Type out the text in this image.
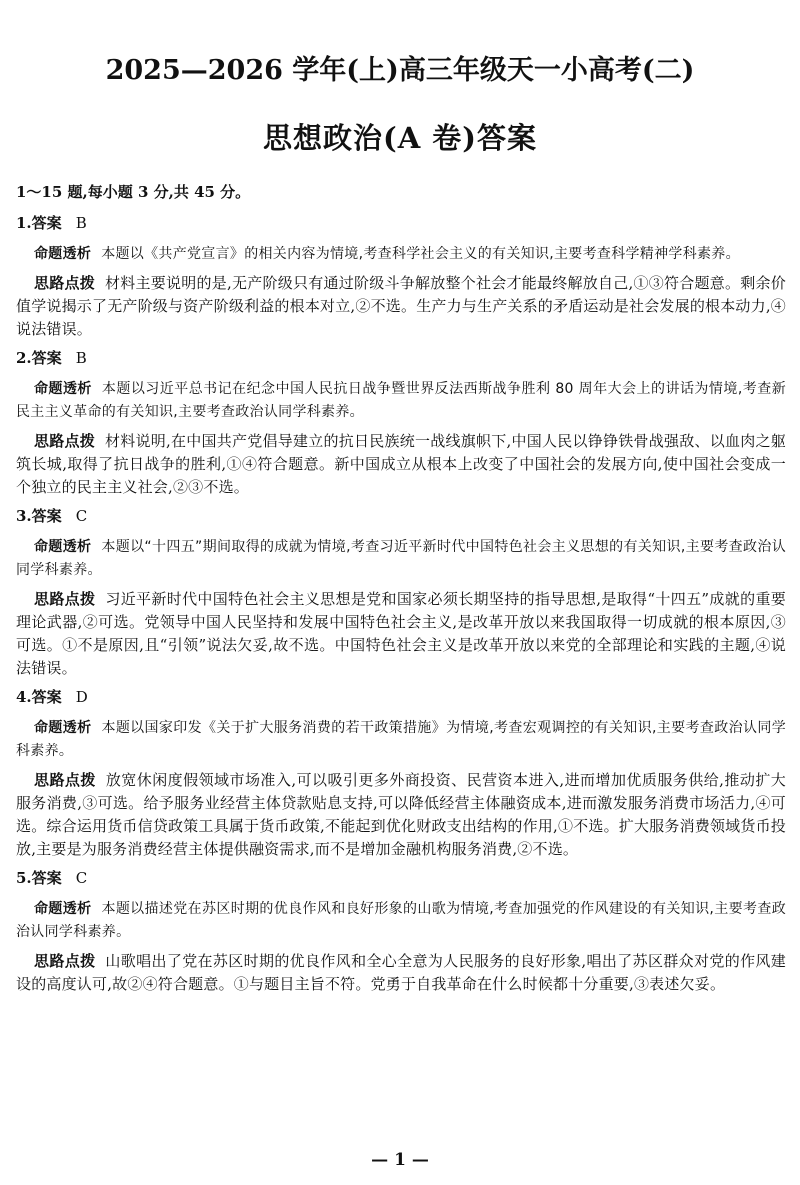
2025—2026 学年(上)高三年级天一小高考(二)
思想政治(A 卷)答案

1～15 题,每小题 3 分,共 45 分。

1.答案 B

命题透析 本题以《共产党宣言》的相关内容为情境,考查科学社会主义的有关知识,主要考查科学精神学科素养。

思路点拨 材料主要说明的是,无产阶级只有通过阶级斗争解放整个社会才能最终解放自己,①③符合题意。剩余价值学说揭示了无产阶级与资产阶级利益的根本对立,②不选。生产力与生产关系的矛盾运动是社会发展的根本动力,④说法错误。

2.答案 B

命题透析 本题以习近平总书记在纪念中国人民抗日战争暨世界反法西斯战争胜利 80 周年大会上的讲话为情境,考查新民主主义革命的有关知识,主要考查政治认同学科素养。

思路点拨 材料说明,在中国共产党倡导建立的抗日民族统一战线旗帜下,中国人民以铮铮铁骨战强敌、以血肉之躯筑长城,取得了抗日战争的胜利,①④符合题意。新中国成立从根本上改变了中国社会的发展方向,使中国社会变成一个独立的民主主义社会,②③不选。

3.答案 C

命题透析 本题以“十四五”期间取得的成就为情境,考查习近平新时代中国特色社会主义思想的有关知识,主要考查政治认同学科素养。

思路点拨 习近平新时代中国特色社会主义思想是党和国家必须长期坚持的指导思想,是取得“十四五”成就的重要理论武器,②可选。党领导中国人民坚持和发展中国特色社会主义,是改革开放以来我国取得一切成就的根本原因,③可选。①不是原因,且“引领”说法欠妥,故不选。中国特色社会主义是改革开放以来党的全部理论和实践的主题,④说法错误。

4.答案 D

命题透析 本题以国家印发《关于扩大服务消费的若干政策措施》为情境,考查宏观调控的有关知识,主要考查政治认同学科素养。

思路点拨 放宽休闲度假领域市场准入,可以吸引更多外商投资、民营资本进入,进而增加优质服务供给,推动扩大服务消费,③可选。给予服务业经营主体贷款贴息支持,可以降低经营主体融资成本,进而激发服务消费市场活力,④可选。综合运用货币信贷政策工具属于货币政策,不能起到优化财政支出结构的作用,①不选。扩大服务消费领域货币投放,主要是为服务消费经营主体提供融资需求,而不是增加金融机构服务消费,②不选。

5.答案 C

命题透析 本题以描述党在苏区时期的优良作风和良好形象的山歌为情境,考查加强党的作风建设的有关知识,主要考查政治认同学科素养。

思路点拨 山歌唱出了党在苏区时期的优良作风和全心全意为人民服务的良好形象,唱出了苏区群众对党的作风建设的高度认可,故②④符合题意。①与题目主旨不符。党勇于自我革命在什么时候都十分重要,③表述欠妥。

— 1 —
